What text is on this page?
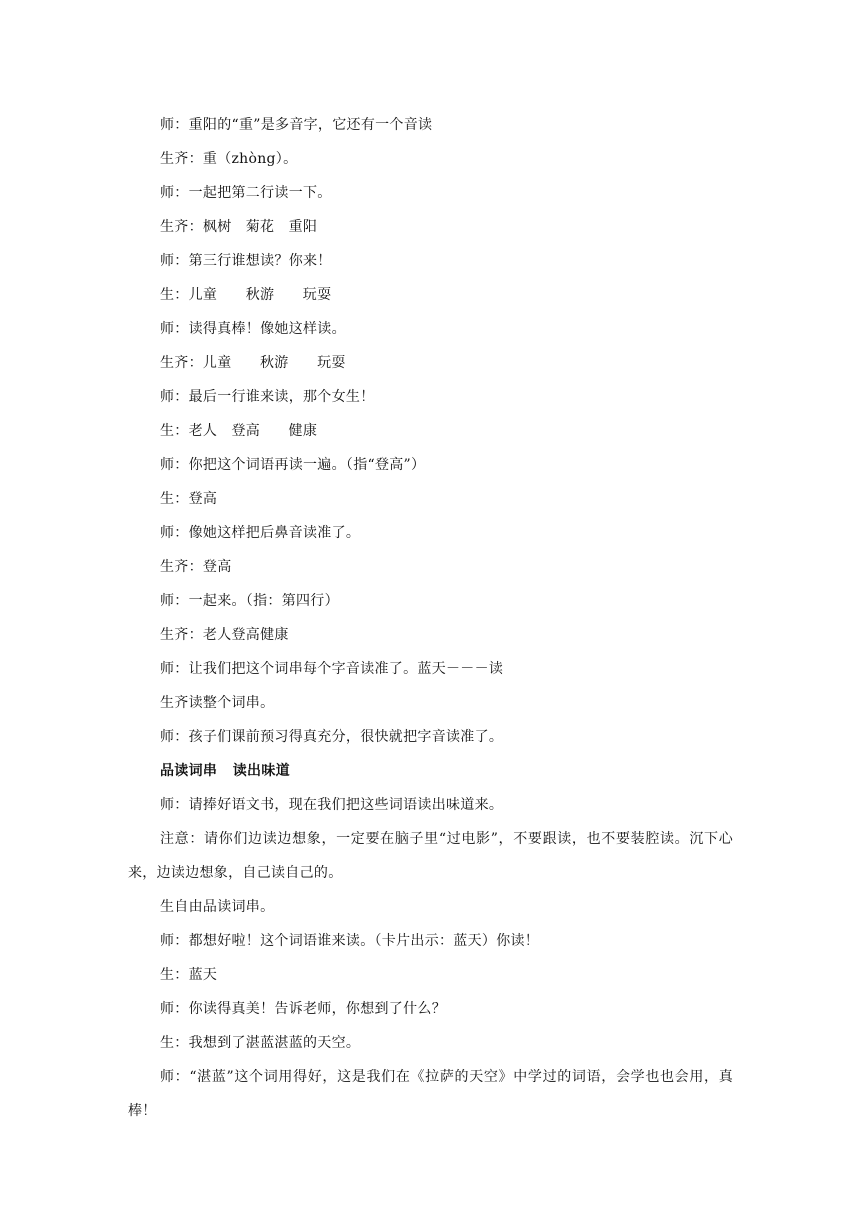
师：重阳的“重”是多音字，它还有一个音读

生齐：重（zhòng）。

师：一起把第二行读一下。

生齐：枫树   菊花   重阳

师：第三行谁想读？你来！

生：儿童      秋游      玩耍

师：读得真棒！像她这样读。

生齐：儿童      秋游      玩耍

师：最后一行谁来读，那个女生！

生：老人   登高      健康

师：你把这个词语再读一遍。（指“登高”）

生：登高

师：像她这样把后鼻音读准了。

生齐：登高

师：一起来。（指：第四行）

生齐：老人登高健康

师：让我们把这个词串每个字音读准了。蓝天－－－读

生齐读整个词串。

师：孩子们课前预习得真充分，很快就把字音读准了。

品读词串   读出味道

师：请捧好语文书，现在我们把这些词语读出味道来。

注意：请你们边读边想象，一定要在脑子里“过电影”，不要跟读，也不要装腔读。沉下心来，边读边想象，自己读自己的。

生自由品读词串。

师：都想好啦！这个词语谁来读。（卡片出示：蓝天）你读！

生：蓝天

师：你读得真美！告诉老师，你想到了什么？

生：我想到了湛蓝湛蓝的天空。

师：“湛蓝”这个词用得好，这是我们在《拉萨的天空》中学过的词语，会学也也会用，真棒！
